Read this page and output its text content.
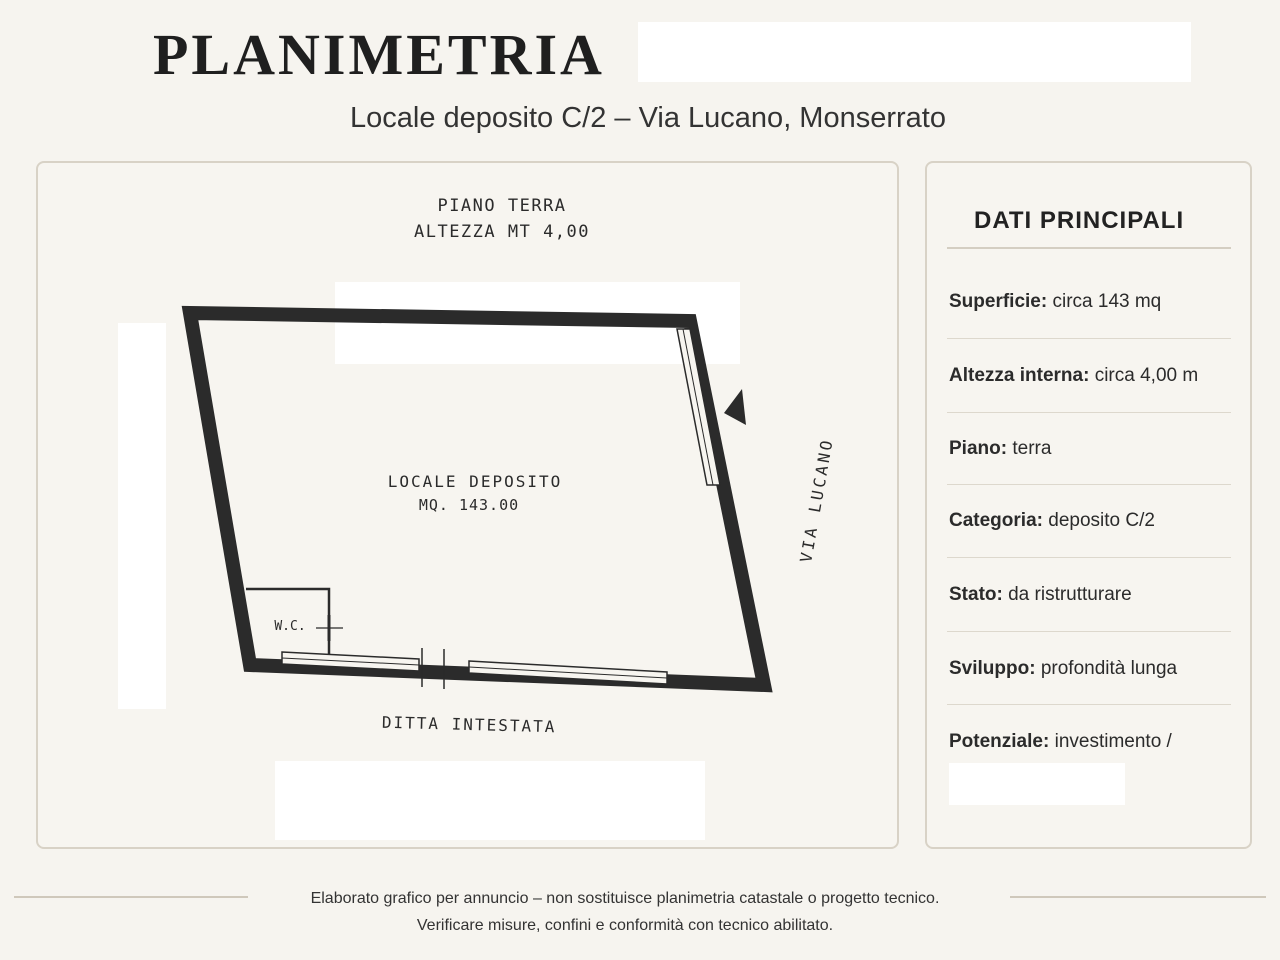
PLANIMETRIA
Locale deposito C/2 – Via Lucano, Monserrato
PIANO TERRA
ALTEZZA MT 4,00
LOCALE DEPOSITO
MQ. 143.00
W.C.
VIA LUCANO
DITTA INTESTATA
DATI PRINCIPALI
Superficie: circa 143 mq
Altezza interna: circa 4,00 m
Piano: terra
Categoria: deposito C/2
Stato: da ristrutturare
Sviluppo: profondità lunga
Potenziale: investimento /
Elaborato grafico per annuncio – non sostituisce planimetria catastale o progetto tecnico.
Verificare misure, confini e conformità con tecnico abilitato.
